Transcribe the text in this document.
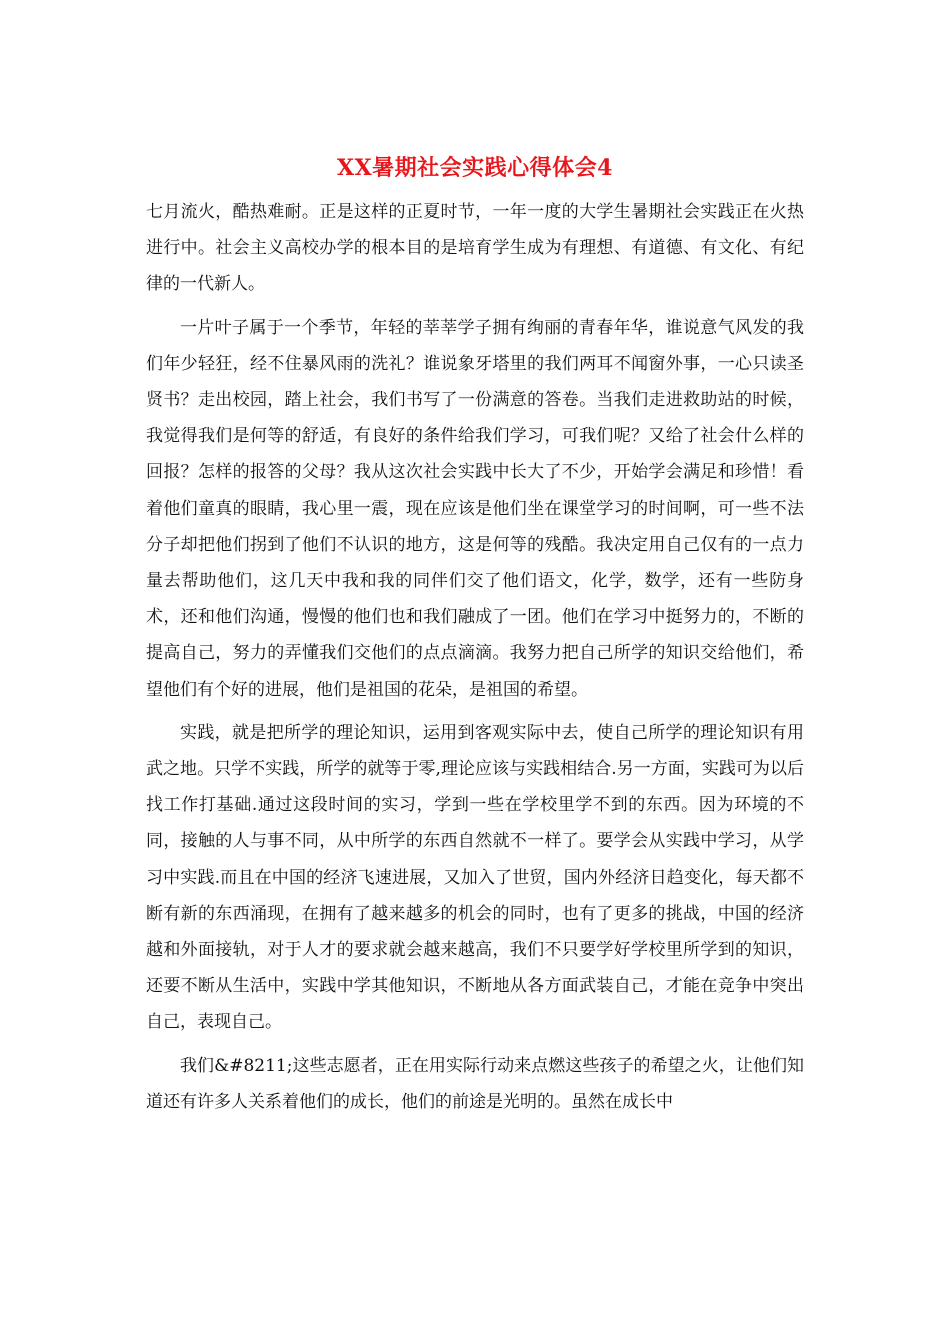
XX暑期社会实践心得体会4

七月流火，酷热难耐。正是这样的正夏时节，一年一度的大学生暑期社会实践正在火热进行中。社会主义高校办学的根本目的是培育学生成为有理想、有道德、有文化、有纪律的一代新人。

一片叶子属于一个季节，年轻的莘莘学子拥有绚丽的青春年华，谁说意气风发的我们年少轻狂，经不住暴风雨的洗礼？谁说象牙塔里的我们两耳不闻窗外事，一心只读圣贤书？走出校园，踏上社会，我们书写了一份满意的答卷。当我们走进救助站的时候，我觉得我们是何等的舒适，有良好的条件给我们学习，可我们呢？又给了社会什么样的回报？怎样的报答的父母？我从这次社会实践中长大了不少，开始学会满足和珍惜！看着他们童真的眼睛，我心里一震，现在应该是他们坐在课堂学习的时间啊，可一些不法分子却把他们拐到了他们不认识的地方，这是何等的残酷。我决定用自己仅有的一点力量去帮助他们，这几天中我和我的同伴们交了他们语文，化学，数学，还有一些防身术，还和他们沟通，慢慢的他们也和我们融成了一团。他们在学习中挺努力的，不断的提高自己，努力的弄懂我们交他们的点点滴滴。我努力把自己所学的知识交给他们，希望他们有个好的进展，他们是祖国的花朵，是祖国的希望。

实践，就是把所学的理论知识，运用到客观实际中去，使自己所学的理论知识有用武之地。只学不实践，所学的就等于零,理论应该与实践相结合.另一方面，实践可为以后找工作打基础.通过这段时间的实习，学到一些在学校里学不到的东西。因为环境的不同，接触的人与事不同，从中所学的东西自然就不一样了。要学会从实践中学习，从学习中实践.而且在中国的经济飞速进展，又加入了世贸，国内外经济日趋变化，每天都不断有新的东西涌现，在拥有了越来越多的机会的同时，也有了更多的挑战，中国的经济越和外面接轨，对于人才的要求就会越来越高，我们不只要学好学校里所学到的知识，还要不断从生活中，实践中学其他知识，不断地从各方面武装自己，才能在竞争中突出自己，表现自己。

我们&#8211;这些志愿者，正在用实际行动来点燃这些孩子的希望之火，让他们知道还有许多人关系着他们的成长，他们的前途是光明的。虽然在成长中
